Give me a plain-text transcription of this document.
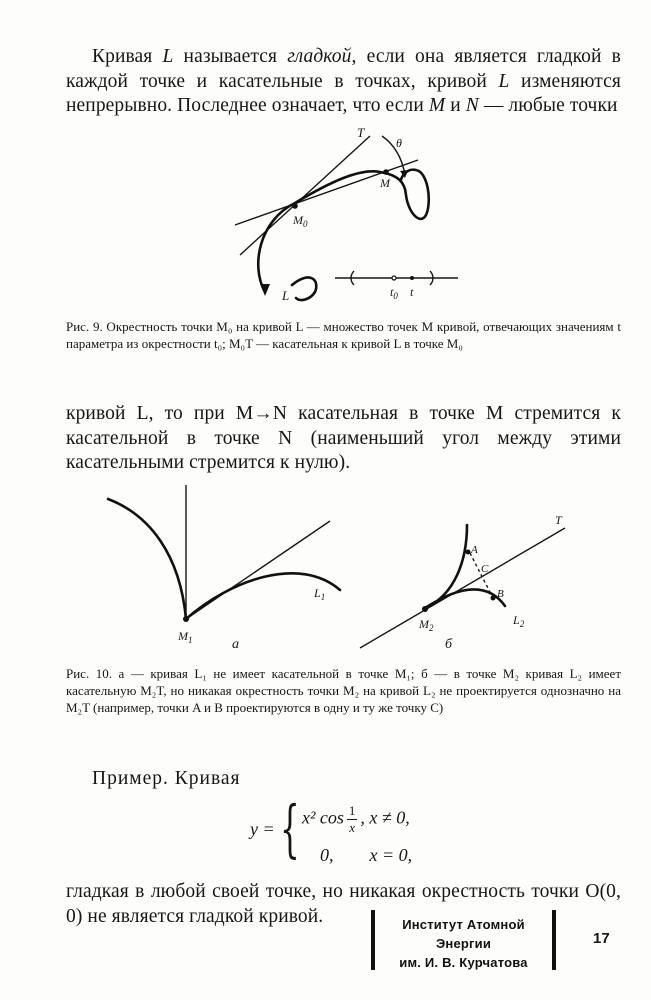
Кривая L называется гладкой, если она является гладкой в каждой точке и касательные в точках, кривой L изменяются непрерывно. Последнее означает, что если M и N — любые точки
T
θ
M
$M_0$
L	$t_0$ t
Рис. 9. Окрестность точки M₀ на кривой L — множество точек M кривой, отвечающих значениям t параметра из окрестности t₀; M₀T — касательная к кривой L в точке M₀
кривой L, то при M→N касательная в точке M стремится к касательной в точке N (наименьший угол между этими касательными стремится к нулю).
$M_1$
$L_1$
а
T
A
C
B
$M_2$
$L_2$
б
Рис. 10. а — кривая L₁ не имеет касательной в точке M₁; б — в точке M₂ кривая L₂ имеет касательную M₂T, но никакая окрестность точки M₂ на кривой L₂ не проектируется однозначно на M₂T (например, точки A и B проектируются в одну и ту же точку C)
Пример. Кривая
y = { x² $\cos \frac{1}{x}$ , x ≠ 0,
0,        x = 0,
гладкая в любой своей точке, но никакая окрестность точки O(0, 0) не является гладкой кривой.	Институт Атомной Энергии
им. И. В. Курчатова
17
